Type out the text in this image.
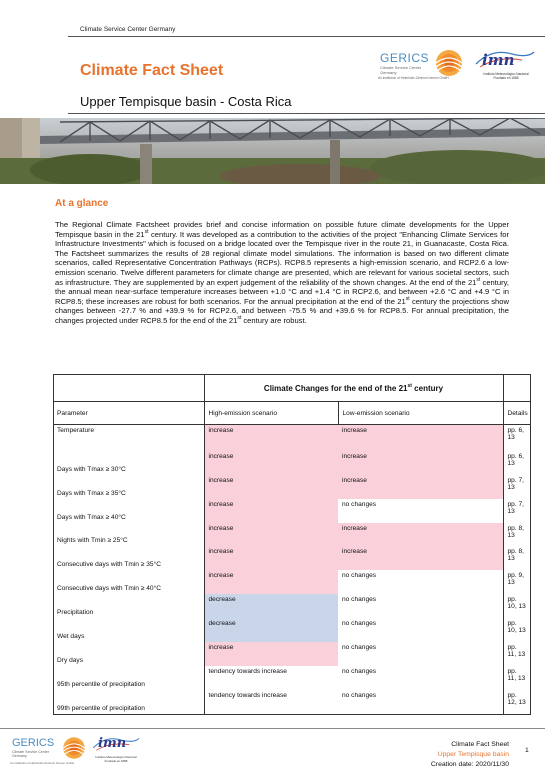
Climate Service Center Germany
Climate Fact Sheet
Upper Tempisque basin - Costa Rica
GERICS
Climate Service Center
Germany
An institution of Helmholtz-Zentrum hereon GmbH
imn
Instituto Meteorológico Nacional
Fundado en 1888
At a glance
The Regional Climate Factsheet provides brief and concise information on possible future climate developments for the Upper Tempisque basin in the 21st century. It was developed as a contribution to the activities of the project "Enhancing Climate Services for Infrastructure Investments" which is focused on a bridge located over the Tempisque river in the route 21, in Guanacaste, Costa Rica. The Factsheet summarizes the results of 28 regional climate model simulations. The information is based on two different climate scenarios, called Representative Concentration Pathways (RCPs). RCP8.5 represents a high-emission scenario, and RCP2.6 a low-emission scenario. Twelve different parameters for climate change are presented, which are relevant for various societal sectors, such as infrastructure. They are supplemented by an expert judgement of the reliability of the shown changes. At the end of the 21st century, the annual mean near-surface temperature increases between +1.0 °C and +1.4 °C in RCP2.6, and between +2.6 °C and +4.9 °C in RCP8.5; these increases are robust for both scenarios. For the annual precipitation at the end of the 21st century the projections show changes between -27.7 % and +39.9 % for RCP2.6, and between -75.5 % and +39.6 % for RCP8.5. For annual precipitation, the changes projected under RCP8.5 for the end of the 21st century are robust.
	Climate Changes for the end of the 21st century		
Parameter	High-emission scenario	Low-emission scenario	Details
Temperature	increase	increase	pp. 6, 13
Days with Tmax ≥ 30°C	increase	increase	pp. 6, 13
Days with Tmax ≥ 35°C	increase	increase	pp. 7, 13
Days with Tmax ≥ 40°C	increase	no changes	pp. 7, 13
Nights with Tmin ≥ 25°C	increase	increase	pp. 8, 13
Consecutive days with Tmin ≥ 35°C	increase	increase	pp. 8, 13
Consecutive days with Tmin ≥ 40°C	increase	no changes	pp. 9, 13
Precipitation	decrease	no changes	pp. 10, 13
Wet days	decrease	no changes	pp. 10, 13
Dry days	increase	no changes	pp. 11, 13
95th percentile of precipitation	tendency towards increase	no changes	pp. 11, 13
99th percentile of precipitation	tendency towards increase	no changes	pp. 12, 13
GERICS
Climate Service Center
Germany
An institution of Helmholtz-Zentrum hereon GmbH
imn
Instituto Meteorológico Nacional
Fundado en 1888
Climate Fact Sheet
Upper Tempisque basin
Creation date: 2020/11/30
1
